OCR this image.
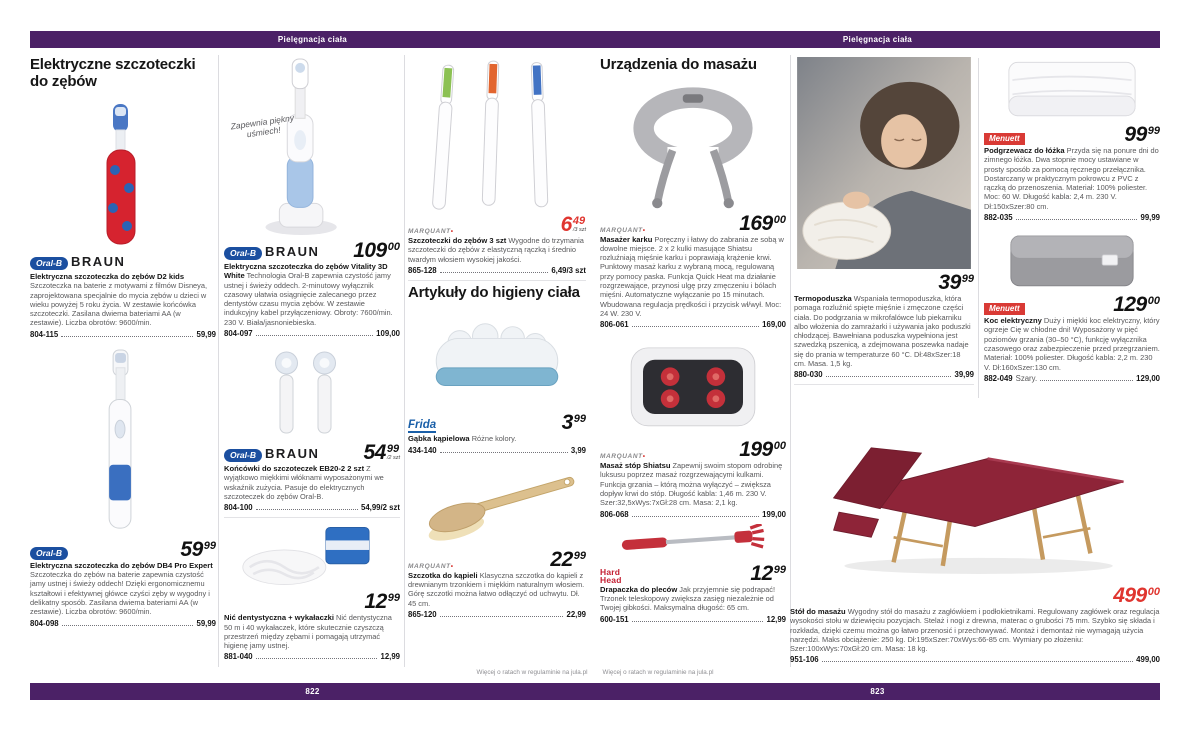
Pielęgnacja ciała	Pielęgnacja ciała
Elektryczne szczoteczki do zębów
Oral-B BRAUN

Elektryczna szczoteczka do zębów D2 kids Szczoteczka na baterie z motywami z filmów Disneya, zaprojektowana specjalnie do mycia zębów u dzieci w wieku powyżej 5 roku życia. W zestawie końcówka szczoteczki. Zasilana dwiema bateriami AA (w zestawie). Liczba obrotów: 9600/min.

804-115	59,99
Oral-B	59 99

Elektryczna szczoteczka do zębów DB4 Pro Expert Szczoteczka do zębów na baterie zapewnia czystość jamy ustnej i świeży oddech! Dzięki ergonomicznemu kształtowi i efektywnej główce czyści zęby w wygodny i delikatny sposób. Zasilana dwiema bateriami AA (w zestawie). Liczba obrotów: 9600/min.

804-098	59,99
Zapewnia piękny uśmiech!
Oral-B BRAUN 109 00

Elektryczna szczoteczka do zębów Vitality 3D White Technologia Oral-B zapewnia czystość jamy ustnej i świeży oddech. 2-minutowy wyłącznik czasowy ułatwia osiągnięcie zalecanego przez dentystów czasu mycia zębów. W zestawie indukcyjny kabel przyłączeniowy. Obroty: 7600/min. 230 V. Biała/jasnoniebieska.

804-097	109,00
Oral-B BRAUN 54 99
/2 szt

Końcówki do szczoteczek EB20-2 2 szt Z wyjątkowo miękkimi włóknami wyposażonymi we wskaźnik zużycia. Pasuje do elektrycznych szczoteczek do zębów Oral-B.

804-100	54,99/2 szt
12 99

Nić dentystyczna + wykałaczki Nić dentystyczna 50 m i 40 wykałaczek, które skutecznie czyszczą przestrzeń między zębami i pomagają utrzymać higienę jamy ustnej.

881-040	12,99
MARQUANT•	6 49
/3 szt

Szczoteczki do zębów 3 szt Wygodne do trzymania szczoteczki do zębów z elastyczną rączką i średnio twardym włosiem wysokiej jakości.

865-128	6,49/3 szt
Artykuły do higieny ciała
Frida	3 99

Gąbka kąpielowa Różne kolory.

434-140	3,99
MARQUANT•	22 99

Szczotka do kąpieli Klasyczna szczotka do kąpieli z drewnianym trzonkiem i miękkim naturalnym włosiem. Górę szczotki można łatwo odłączyć od uchwytu. Dł. 45 cm.

865-120	22,99
Urządzenia do masażu
MARQUANT•	169 00

Masażer karku Poręczny i łatwy do zabrania ze sobą w dowolne miejsce. 2 x 2 kulki masujące Shiatsu rozluźniają mięśnie karku i poprawiają krążenie krwi. Punktowy masaż karku z wybraną mocą, regulowaną przy pomocy paska. Funkcja Quick Heat ma działanie rozgrzewające, przynosi ulgę przy zmęczeniu i bólach mięśni. Automatyczne wyłączanie po 15 minutach. Wbudowana regulacja prędkości i przycisk wł/wył. Moc: 24 W. 230 V.

806-061	169,00
MARQUANT•	199 00

Masaż stóp Shiatsu Zapewnij swoim stopom odrobinę luksusu poprzez masaż rozgrzewającymi kulkami. Funkcja grzania – którą można wyłączyć – zwiększa dopływ krwi do stóp. Długość kabla: 1,46 m. 230 V. Szer:32,5xWys:7xGł:28 cm. Masa: 2,1 kg.

806-068	199,00
Hard
Head	12 99

Drapaczka do pleców Jak przyjemnie się podrapać! Trzonek teleskopowy zwiększa zasięg niezależnie od Twojej gibkości. Maksymalna długość: 65 cm.

600-151	12,99
39 99

Termopoduszka Wspaniała termopoduszka, która pomaga rozluźnić spięte mięśnie i zmęczone części ciała. Do podgrzania w mikrofalówce lub piekarniku albo włożenia do zamrażarki i używania jako poduszki chłodzącej. Bawełniana poduszka wypełniona jest szwedzką pszenicą, a zdejmowana poszewka nadaje się do prania w temperaturze 60 °C. Dł:48xSzer:18 cm. Masa. 1,5 kg.

880-030	39,99
Menuett	99 99

Podgrzewacz do łóżka Przyda się na ponure dni do zimnego łóżka. Dwa stopnie mocy ustawiane w prosty sposób za pomocą ręcznego przełącznika. Dostarczany w praktycznym pokrowcu z PVC z rączką do przenoszenia. Materiał: 100% poliester. Moc: 60 W. Długość kabla: 2,4 m. 230 V. Dł:150xSzer:80 cm.

882-035	99,99
Menuett	129 00

Koc elektryczny Duży i miękki koc elektryczny, który ogrzeje Cię w chłodne dni! Wyposażony w pięć poziomów grzania (30–50 °C), funkcję wyłącznika czasowego oraz zabezpieczenie przed przegrzaniem. Materiał: 100% poliester. Długość kabla: 2,2 m. 230 V. Dł:160xSzer:130 cm.

882-049 Szary.	129,00
499 00

Stół do masażu Wygodny stół do masażu z zagłówkiem i podłokietnikami. Regulowany zagłówek oraz regulacja wysokości stołu w dziewięciu pozycjach. Stelaż i nogi z drewna, materac o grubości 75 mm. Szybko się składa i rozkłada, dzięki czemu można go łatwo przenosić i przechowywać. Montaż i demontaż nie wymagają użycia narzędzi. Maks obciążenie: 250 kg. Dł:195xSzer:70xWys:66-85 cm. Wymiary po złożeniu: Szer:100xWys:70xGł:20 cm. Masa: 18 kg.

951-106	499,00
Więcej o ratach w regulaminie na jula.pl	Więcej o ratach w regulaminie na jula.pl
822	823
